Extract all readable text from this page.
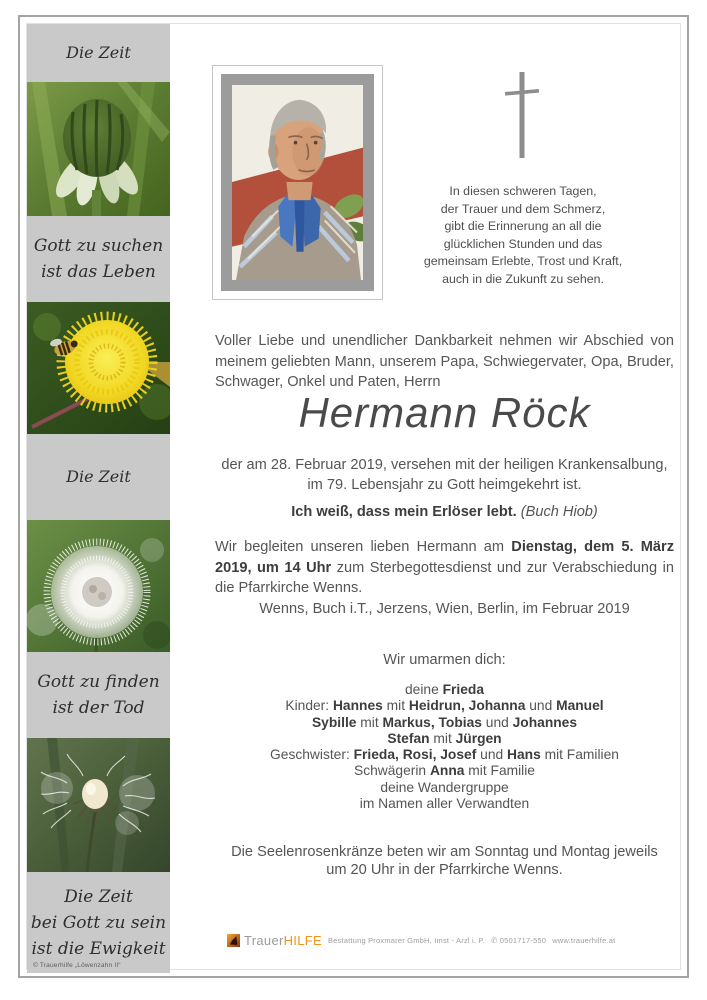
Die Zeit
Gott zu suchen
ist das Leben
Die Zeit
Gott zu finden
ist der Tod
Die Zeit
bei Gott zu sein
ist die Ewigkeit
© Trauerhilfe „Löwenzahn II“
In diesen schweren Tagen,
der Trauer und dem Schmerz,
gibt die Erinnerung an all die
glücklichen Stunden und das
gemeinsam Erlebte, Trost und Kraft,
auch in die Zukunft zu sehen.
Voller Liebe und unendlicher Dankbarkeit nehmen wir Abschied von meinem geliebten Mann, unserem Papa, Schwiegervater, Opa, Bruder, Schwager, Onkel und Paten, Herrn
Hermann Röck
der am 28. Februar 2019, versehen mit der heiligen Krankensalbung,
im 79. Lebensjahr zu Gott heimgekehrt ist.
Ich weiß, dass mein Erlöser lebt. (Buch Hiob)
Wir begleiten unseren lieben Hermann am Dienstag, dem 5. März 2019, um 14 Uhr zum Sterbegottesdienst und zur Verabschiedung in die Pfarrkirche Wenns.
Wenns, Buch i.T., Jerzens, Wien, Berlin, im Februar 2019
Wir umarmen dich:
deine Frieda
Kinder: Hannes mit Heidrun, Johanna und Manuel
Sybille mit Markus, Tobias und Johannes
Stefan mit Jürgen
Geschwister: Frieda, Rosi, Josef und Hans mit Familien
Schwägerin Anna mit Familie
deine Wandergruppe
im Namen aller Verwandten
Die Seelenrosenkränze beten wir am Sonntag und Montag jeweils
um 20 Uhr in der Pfarrkirche Wenns.
TrauerHILFE Bestattung Proxmarer GmbH, Imst - Arzl i. P. ✆ 0501717-550 www.trauerhilfe.at
